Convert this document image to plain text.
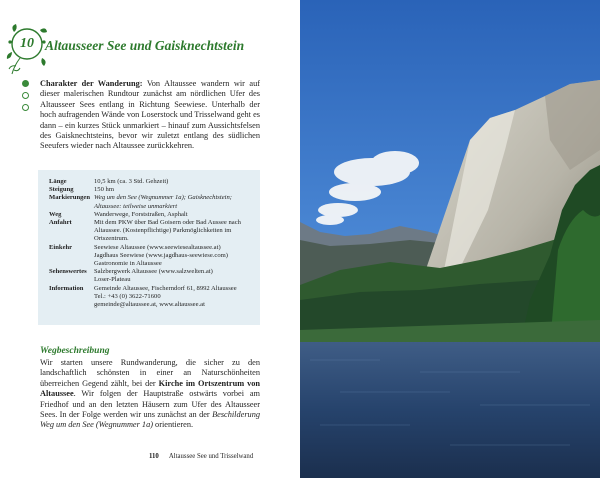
10 Altausseer See und Gaisknechtstein
Charakter der Wanderung: Von Altaussee wandern wir auf dieser malerischen Rundtour zunächst am nördlichen Ufer des Altausseer Sees entlang in Richtung Seewiese. Unterhalb der hoch aufragenden Wände von Loserstock und Trisselwand geht es dann – ein kurzes Stück unmarkiert – hinauf zum Aussichtsfelsen des Gaisknechtsteins, bevor wir zuletzt entlang des südlichen Seeufers wieder nach Altaussee zurückkehren.
Länge	10,5 km (ca. 3 Std. Gehzeit)
Steigung	150 hm
Markierungen Weg um den See (Wegnummer 1a); Gaisknechtstein;
Altaussee: teilweise unmarkiert
Weg	Wanderwege, Forststraßen, Asphalt
Anfahrt	Mit dem PKW über Bad Goisern oder Bad Aussee nach Altaussee. (Kostenpflichtige) Parkmöglichkeiten im Ortszentrum.
Einkehr	Seewiese Altaussee (www.seewiesealtaussee.at)
Jagdhaus Seewiese (www.jagdhaus-seewiese.com)
Gastronomie in Altaussee
Sehenswertes	Salzbergwerk Altaussee (www.salzwelten.at)
Loser-Plateau
Information	Gemeinde Altaussee, Fischerndorf 61, 8992 Altaussee
Tel.: +43 (0) 3622-71600
gemeinde@altaussee.at, www.altaussee.at
Wegbeschreibung
Wir starten unsere Rundwanderung, die sicher zu den landschaftlich schönsten in einer an Naturschönheiten überreichen Gegend zählt, bei der Kirche im Ortszentrum von Altaussee. Wir folgen der Hauptstraße ostwärts vorbei am Friedhof und an den letzten Häusern zum Ufer des Altausseer Sees. In der Folge werden wir uns zunächst an der Beschilderung Weg um den See (Wegnummer 1a) orientieren.
110 Altaussee See und Trisselwand
